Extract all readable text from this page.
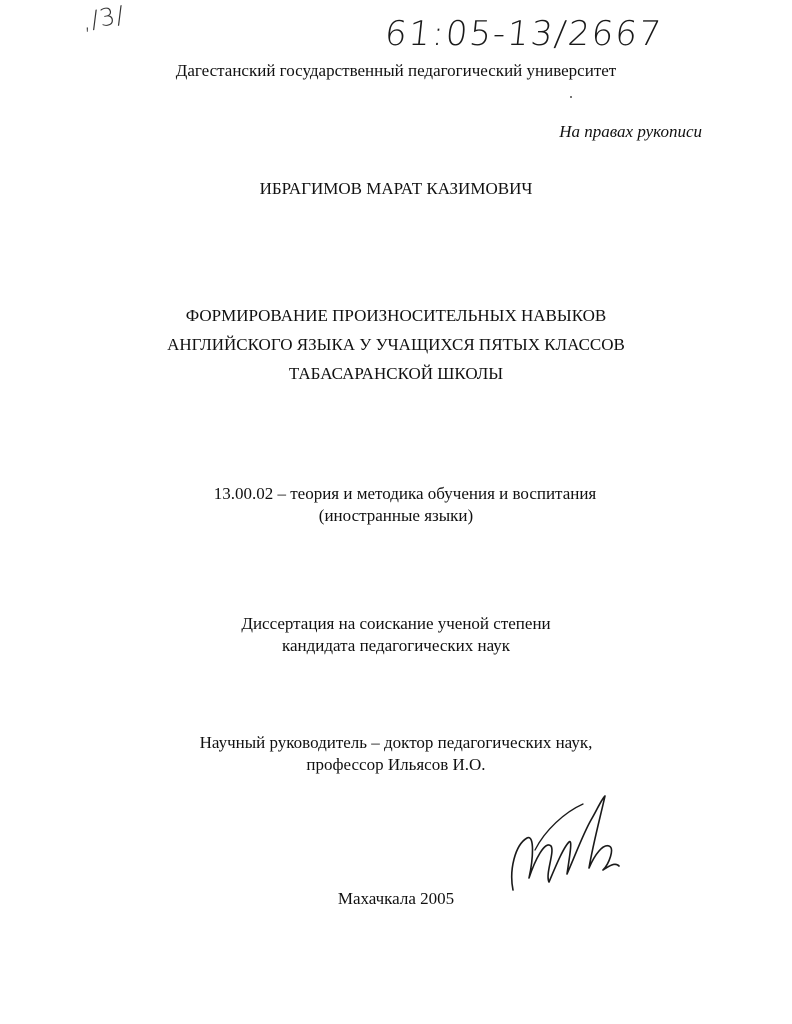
,/3/	61:05-13/2667
Дагестанский государственный педагогический университет
На правах рукописи
ИБРАГИМОВ МАРАТ КАЗИМОВИЧ
ФОРМИРОВАНИЕ ПРОИЗНОСИТЕЛЬНЫХ НАВЫКОВ
АНГЛИЙСКОГО ЯЗЫКА У УЧАЩИХСЯ ПЯТЫХ КЛАССОВ
ТАБАСАРАНСКОЙ ШКОЛЫ
13.00.02 – теория и методика обучения и воспитания
(иностранные языки)
Диссертация на соискание ученой степени
кандидата педагогических наук
Научный руководитель – доктор педагогических наук,
профессор Ильясов И.О.
Махачкала 2005
